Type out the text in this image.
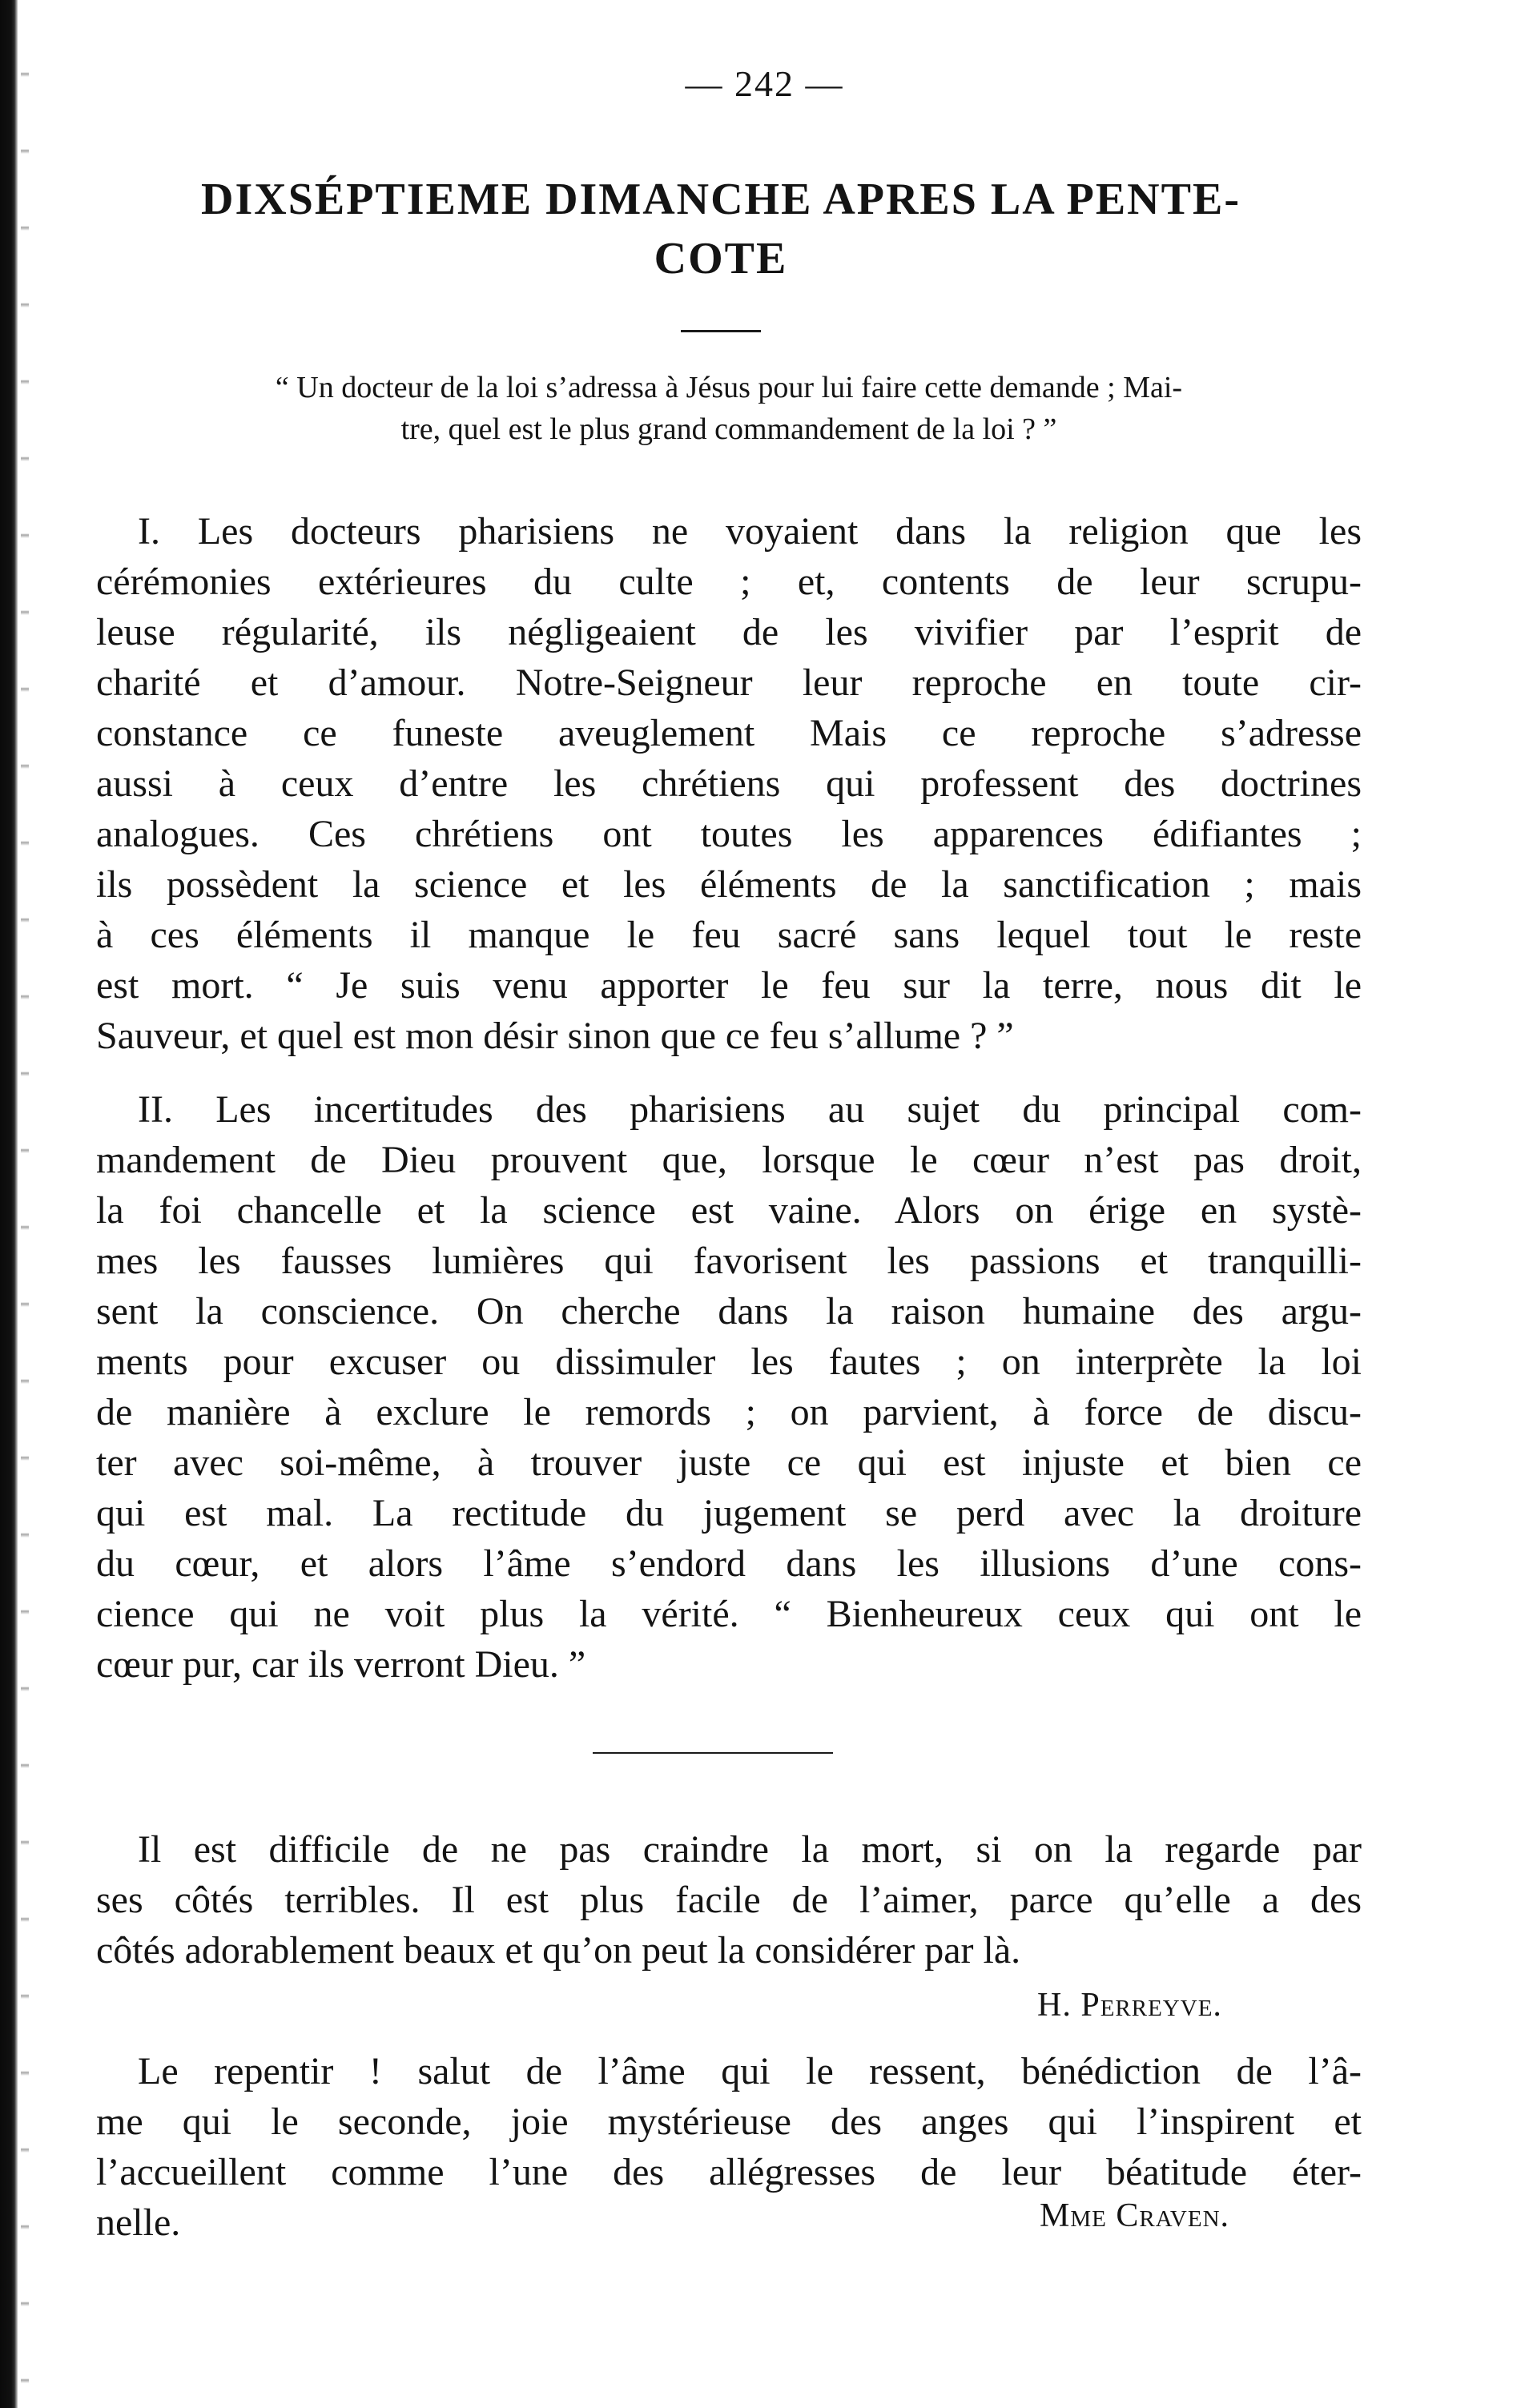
— 242 —
DIXSÉPTIEME DIMANCHE APRES LA PENTE-
COTE
“ Un docteur de la loi s’adressa à Jésus pour lui faire cette demande ; Mai-
tre, quel est le plus grand commandement de la loi ? ”
I. Les docteurs pharisiens ne voyaient dans la religion que les
cérémonies extérieures du culte ; et, contents de leur scrupu-
leuse régularité, ils négligeaient de les vivifier par l’esprit de
charité et d’amour. Notre-Seigneur leur reproche en toute cir-
constance ce funeste aveuglement Mais ce reproche s’adresse
aussi à ceux d’entre les chrétiens qui professent des doctrines
analogues. Ces chrétiens ont toutes les apparences édifiantes ;
ils possèdent la science et les éléments de la sanctification ; mais
à ces éléments il manque le feu sacré sans lequel tout le reste
est mort. “ Je suis venu apporter le feu sur la terre, nous dit le
Sauveur, et quel est mon désir sinon que ce feu s’allume ? ”
II. Les incertitudes des pharisiens au sujet du principal com-
mandement de Dieu prouvent que, lorsque le cœur n’est pas droit,
la foi chancelle et la science est vaine. Alors on érige en systè-
mes les fausses lumières qui favorisent les passions et tranquilli-
sent la conscience. On cherche dans la raison humaine des argu-
ments pour excuser ou dissimuler les fautes ; on interprète la loi
de manière à exclure le remords ; on parvient, à force de discu-
ter avec soi-même, à trouver juste ce qui est injuste et bien ce
qui est mal. La rectitude du jugement se perd avec la droiture
du cœur, et alors l’âme s’endord dans les illusions d’une cons-
cience qui ne voit plus la vérité. “ Bienheureux ceux qui ont le
cœur pur, car ils verront Dieu. ”
Il est difficile de ne pas craindre la mort, si on la regarde par
ses côtés terribles. Il est plus facile de l’aimer, parce qu’elle a des
côtés adorablement beaux et qu’on peut la considérer par là.
H. Perreyve.
Le repentir ! salut de l’âme qui le ressent, bénédiction de l’â-
me qui le seconde, joie mystérieuse des anges qui l’inspirent et
l’accueillent comme l’une des allégresses de leur béatitude éter-
nelle.	Mme Craven.
